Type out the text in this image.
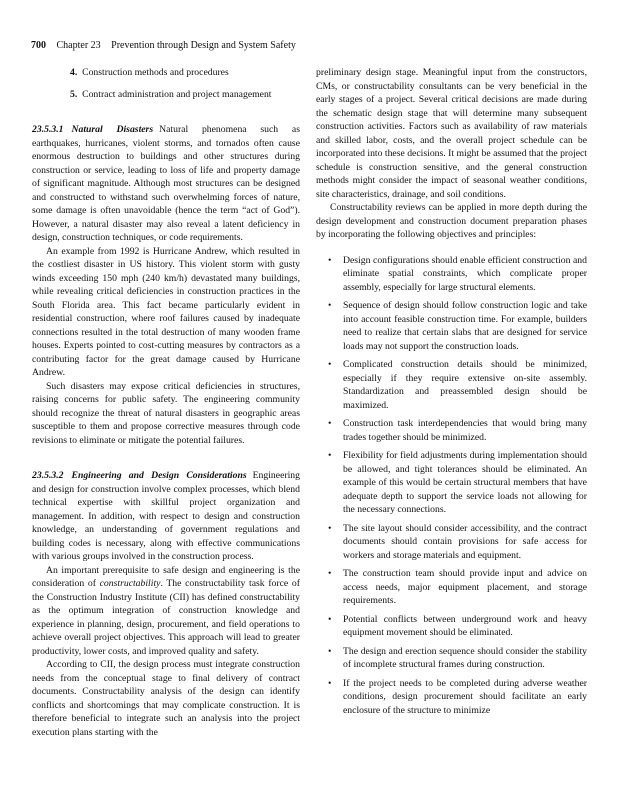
700 Chapter 23 Prevention through Design and System Safety
4. Construction methods and procedures
5. Contract administration and project management

23.5.3.1 Natural Disasters Natural phenomena such as earthquakes, hurricanes, violent storms, and tornados often cause enormous destruction to buildings and other structures during construction or service, leading to loss of life and property damage of significant magnitude. Although most structures can be designed and constructed to withstand such overwhelming forces of nature, some damage is often unavoidable (hence the term “act of God”). However, a natural disaster may also reveal a latent deficiency in design, construction techniques, or code requirements.

An example from 1992 is Hurricane Andrew, which resulted in the costliest disaster in US history. This violent storm with gusty winds exceeding 150 mph (240 km/h) devastated many buildings, while revealing critical deficiencies in construction practices in the South Florida area. This fact became particularly evident in residential construction, where roof failures caused by inadequate connections resulted in the total destruction of many wooden frame houses. Experts pointed to cost-cutting measures by contractors as a contributing factor for the great damage caused by Hurricane Andrew.

Such disasters may expose critical deficiencies in structures, raising concerns for public safety. The engineering community should recognize the threat of natural disasters in geographic areas susceptible to them and propose corrective measures through code revisions to eliminate or mitigate the potential failures.

23.5.3.2 Engineering and Design Considerations Engineering and design for construction involve complex processes, which blend technical expertise with skillful project organization and management. In addition, with respect to design and construction knowledge, an understanding of government regulations and building codes is necessary, along with effective communications with various groups involved in the construction process.

An important prerequisite to safe design and engineering is the consideration of constructability. The constructability task force of the Construction Industry Institute (CII) has defined constructability as the optimum integration of construction knowledge and experience in planning, design, procurement, and field operations to achieve overall project objectives. This approach will lead to greater productivity, lower costs, and improved quality and safety.

According to CII, the design process must integrate construction needs from the conceptual stage to final delivery of contract documents. Constructability analysis of the design can identify conflicts and shortcomings that may complicate construction. It is therefore beneficial to integrate such an analysis into the project execution plans starting with the

preliminary design stage. Meaningful input from the constructors, CMs, or constructability consultants can be very beneficial in the early stages of a project. Several critical decisions are made during the schematic design stage that will determine many subsequent construction activities. Factors such as availability of raw materials and skilled labor, costs, and the overall project schedule can be incorporated into these decisions. It might be assumed that the project schedule is construction sensitive, and the general construction methods might consider the impact of seasonal weather conditions, site characteristics, drainage, and soil conditions.

Constructability reviews can be applied in more depth during the design development and construction document preparation phases by incorporating the following objectives and principles:

• Design configurations should enable efficient construction and eliminate spatial constraints, which complicate proper assembly, especially for large structural elements.
• Sequence of design should follow construction logic and take into account feasible construction time. For example, builders need to realize that certain slabs that are designed for service loads may not support the construction loads.
• Complicated construction details should be minimized, especially if they require extensive on-site assembly. Standardization and preassembled design should be maximized.
• Construction task interdependencies that would bring many trades together should be minimized.
• Flexibility for field adjustments during implementation should be allowed, and tight tolerances should be eliminated. An example of this would be certain structural members that have adequate depth to support the service loads not allowing for the necessary connections.
• The site layout should consider accessibility, and the contract documents should contain provisions for safe access for workers and storage materials and equipment.
• The construction team should provide input and advice on access needs, major equipment placement, and storage requirements.
• Potential conflicts between underground work and heavy equipment movement should be eliminated.
• The design and erection sequence should consider the stability of incomplete structural frames during construction.
• If the project needs to be completed during adverse weather conditions, design procurement should facilitate an early enclosure of the structure to minimize
